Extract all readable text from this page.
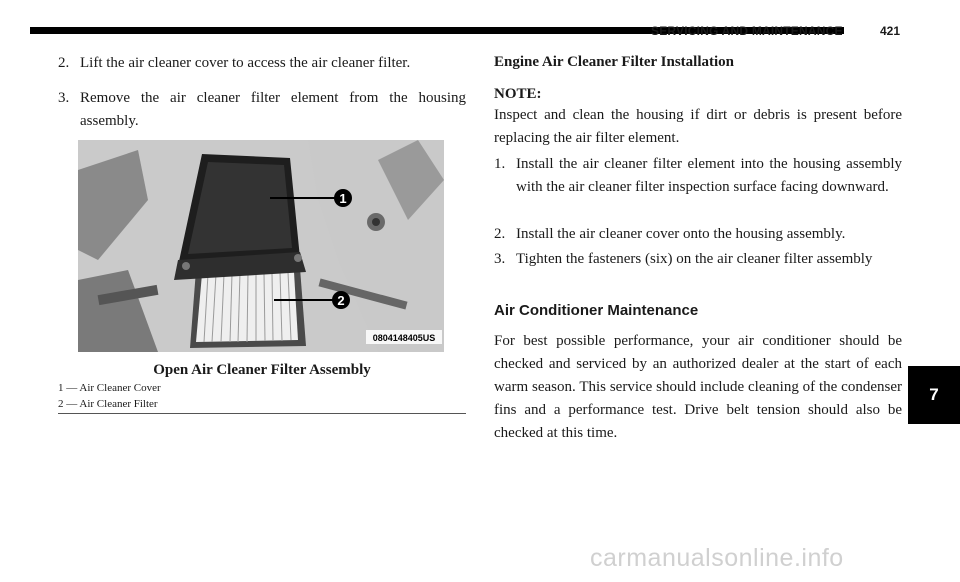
SERVICING AND MAINTENANCE	421
7
2. Lift the air cleaner cover to access the air cleaner filter.
3. Remove the air cleaner filter element from the housing assembly.
1
2
0804148405US
Open Air Cleaner Filter Assembly
1 — Air Cleaner Cover
2 — Air Cleaner Filter
Engine Air Cleaner Filter Installation
NOTE:
Inspect and clean the housing if dirt or debris is present before replacing the air filter element.
1. Install the air cleaner filter element into the housing assembly with the air cleaner filter inspection surface facing downward.
2. Install the air cleaner cover onto the housing assembly.
3. Tighten the fasteners (six) on the air cleaner filter assembly
Air Conditioner Maintenance
For best possible performance, your air conditioner should be checked and serviced by an authorized dealer at the start of each warm season. This service should include cleaning of the condenser fins and a performance test. Drive belt tension should also be checked at this time.
carmanualsonline.info
